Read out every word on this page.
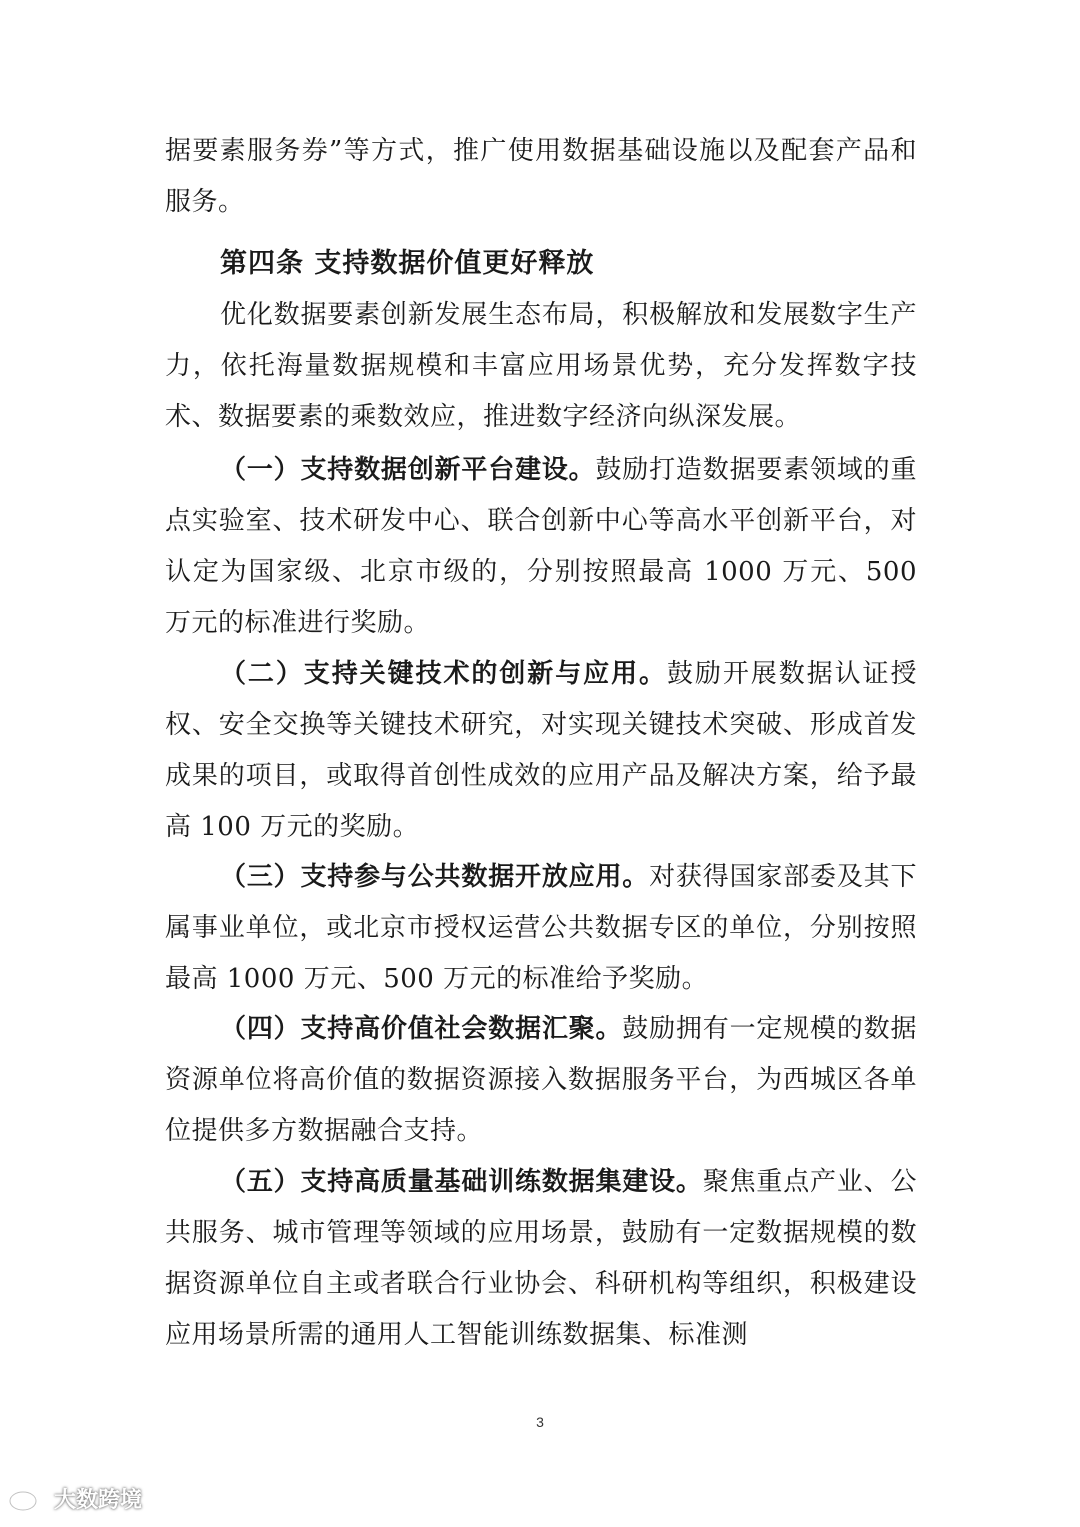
据要素服务券”等方式，推广使用数据基础设施以及配套产品和服务。

第四条 支持数据价值更好释放

优化数据要素创新发展生态布局，积极解放和发展数字生产力，依托海量数据规模和丰富应用场景优势，充分发挥数字技术、数据要素的乘数效应，推进数字经济向纵深发展。

（一）支持数据创新平台建设。鼓励打造数据要素领域的重点实验室、技术研发中心、联合创新中心等高水平创新平台，对认定为国家级、北京市级的，分别按照最高 1000 万元、500 万元的标准进行奖励。

（二）支持关键技术的创新与应用。鼓励开展数据认证授权、安全交换等关键技术研究，对实现关键技术突破、形成首发成果的项目，或取得首创性成效的应用产品及解决方案，给予最高 100 万元的奖励。

（三）支持参与公共数据开放应用。对获得国家部委及其下属事业单位，或北京市授权运营公共数据专区的单位，分别按照最高 1000 万元、500 万元的标准给予奖励。

（四）支持高价值社会数据汇聚。鼓励拥有一定规模的数据资源单位将高价值的数据资源接入数据服务平台，为西城区各单位提供多方数据融合支持。

（五）支持高质量基础训练数据集建设。聚焦重点产业、公共服务、城市管理等领域的应用场景，鼓励有一定数据规模的数据资源单位自主或者联合行业协会、科研机构等组织，积极建设应用场景所需的通用人工智能训练数据集、标准测

3
大数跨境
